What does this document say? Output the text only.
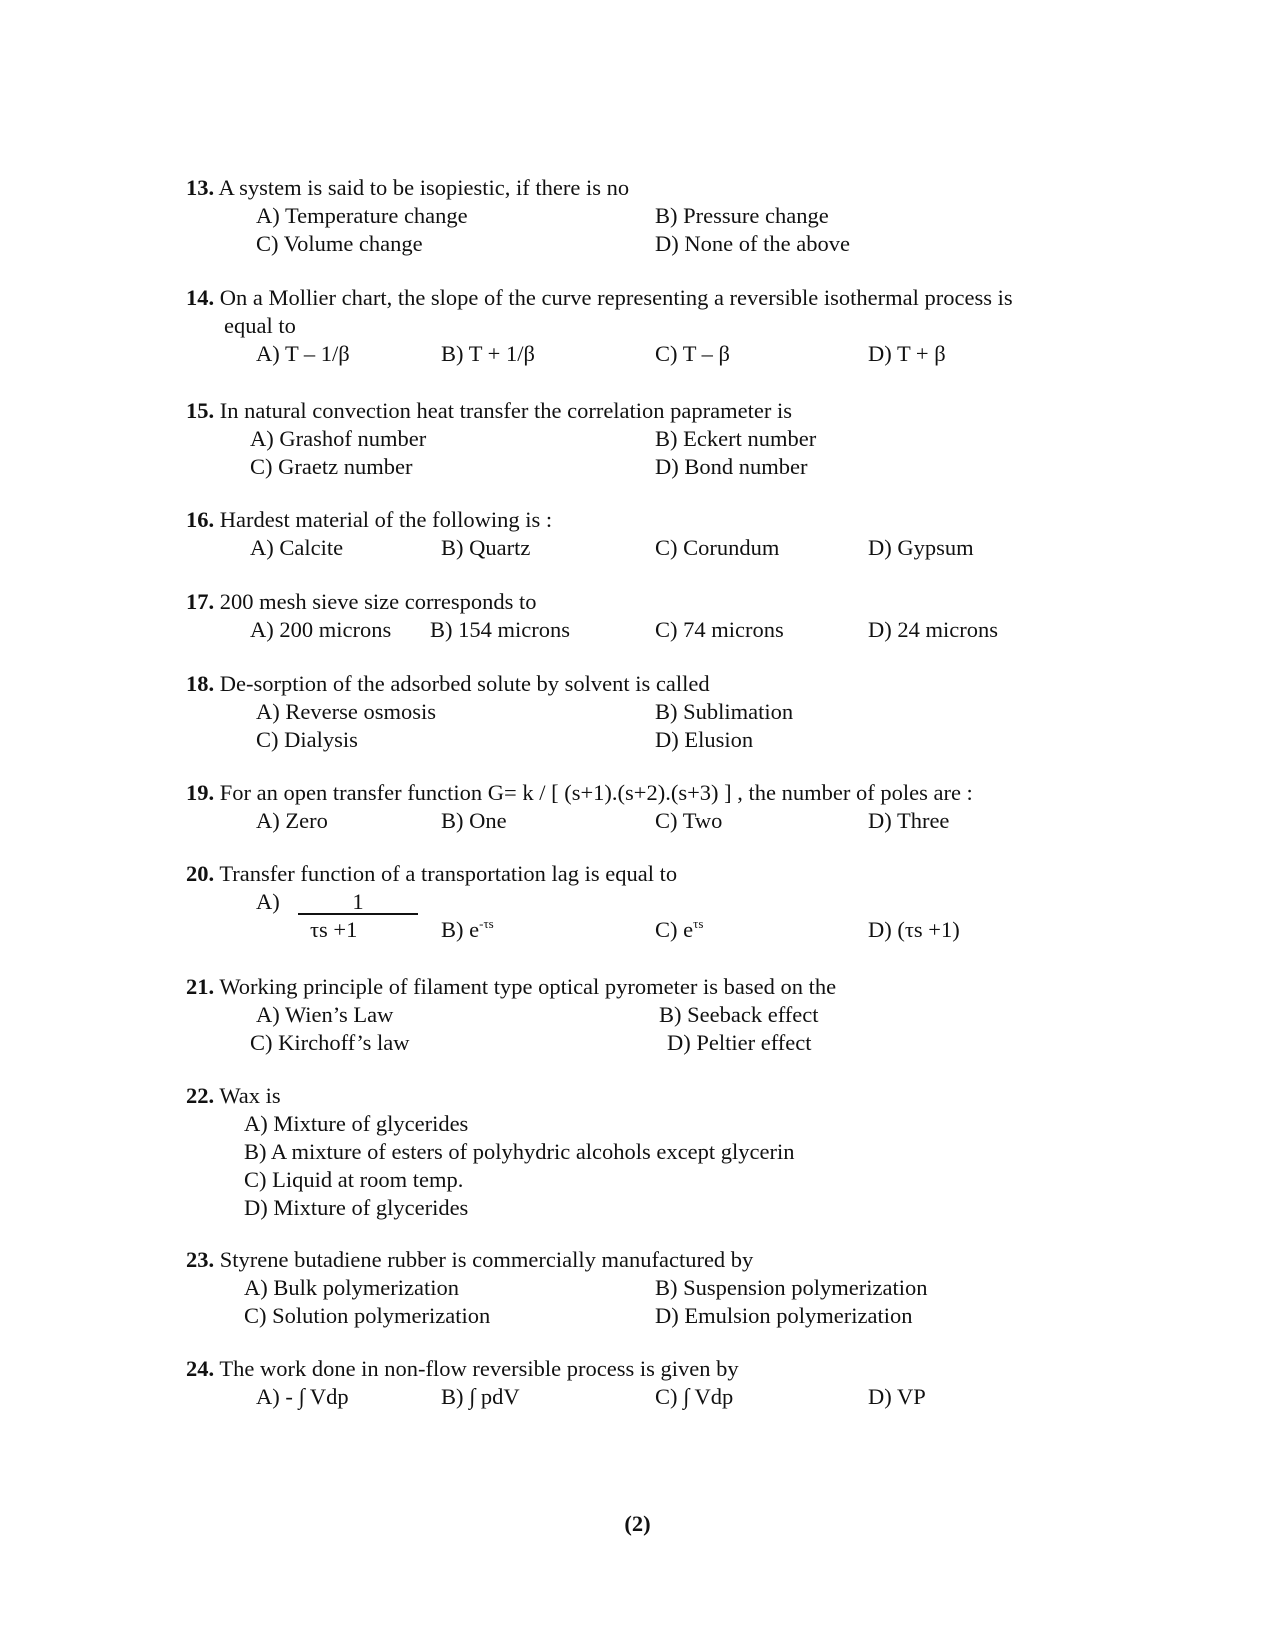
13. A system is said to be isopiestic, if there is no
A) Temperature change	B) Pressure change
C) Volume change	D) None of the above
14. On a Mollier chart, the slope of the curve representing a reversible isothermal process is
equal to
A) T – 1/β	B) T + 1/β	C) T – β	D) T + β
15. In natural convection heat transfer the correlation paprameter is
A) Grashof number	B) Eckert number
C) Graetz number	D) Bond number
16. Hardest material of the following is :
A) Calcite	B) Quartz	C) Corundum	D) Gypsum
17. 200 mesh sieve size corresponds to
A) 200 microns B) 154 microns	C) 74 microns	D) 24 microns
18. De-sorption of the adsorbed solute by solvent is called
A) Reverse osmosis	B) Sublimation
C) Dialysis	D) Elusion
19. For an open transfer function G= k / [ (s+1).(s+2).(s+3) ] , the number of poles are :
A) Zero	B) One	C) Two	D) Three
20. Transfer function of a transportation lag is equal to
A)	1
τs +1	B) $e^{-\tau s}$	C) $e^{\tau s}$	D) (τs +1)
21. Working principle of filament type optical pyrometer is based on the
A) Wien’s Law	B) Seeback effect
C) Kirchoff’s law	D) Peltier effect
22. Wax is
A) Mixture of glycerides
B) A mixture of esters of polyhydric alcohols except glycerin
C) Liquid at room temp.
D) Mixture of glycerides
23. Styrene butadiene rubber is commercially manufactured by
A) Bulk polymerization	B) Suspension polymerization
C) Solution polymerization	D) Emulsion polymerization
24. The work done in non-flow reversible process is given by
A) - ∫ Vdp	B) ∫ pdV	C) ∫ Vdp	D) VP
(2)
